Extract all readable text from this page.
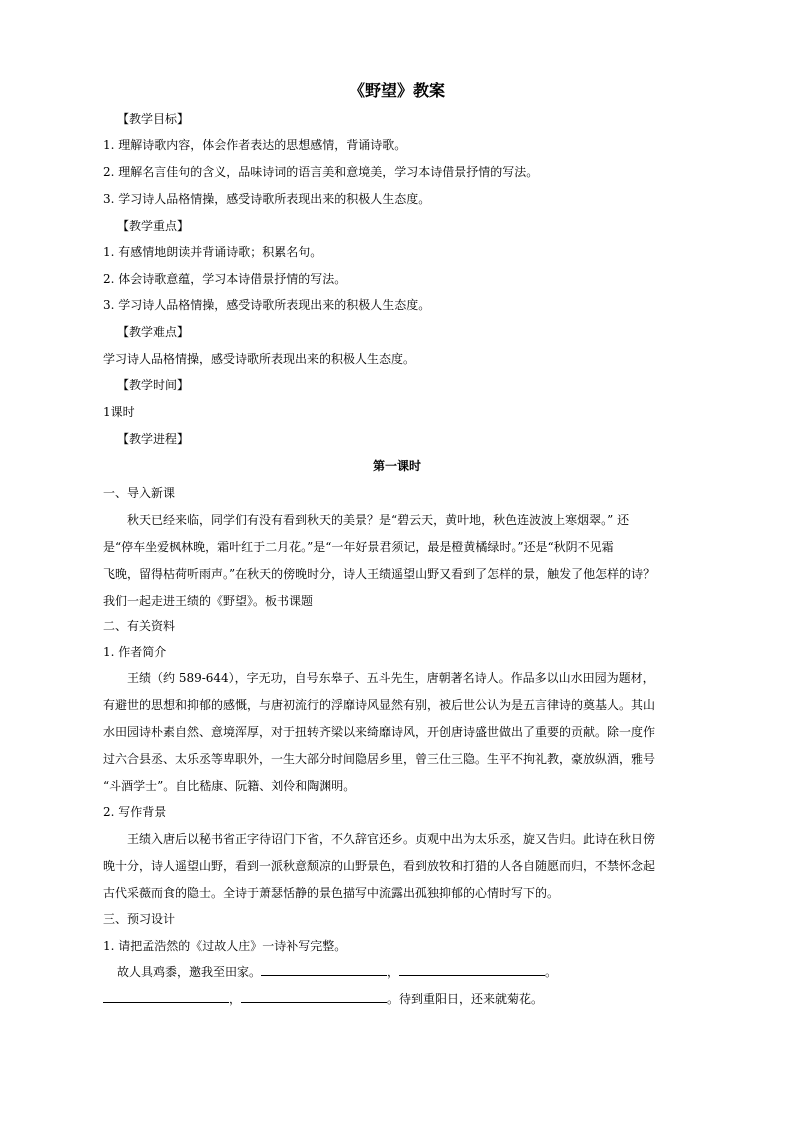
《野望》教案
【教学目标】
1. 理解诗歌内容，体会作者表达的思想感情，背诵诗歌。
2. 理解名言佳句的含义，品味诗词的语言美和意境美，学习本诗借景抒情的写法。
3. 学习诗人品格情操，感受诗歌所表现出来的积极人生态度。
【教学重点】
1. 有感情地朗读并背诵诗歌；积累名句。
2. 体会诗歌意蕴，学习本诗借景抒情的写法。
3. 学习诗人品格情操，感受诗歌所表现出来的积极人生态度。
【教学难点】
学习诗人品格情操，感受诗歌所表现出来的积极人生态度。
【教学时间】
1课时
【教学进程】
第一课时
一、导入新课
秋天已经来临，同学们有没有看到秋天的美景？是“碧云天，黄叶地，秋色连波波上寒烟翠。” 还
是“停车坐爱枫林晚，霜叶红于二月花。”是“一年好景君须记，最是橙黄橘绿时。”还是“秋阴不见霜
飞晚，留得枯荷听雨声。”在秋天的傍晚时分，诗人王绩遥望山野又看到了怎样的景，触发了他怎样的诗？
我们一起走进王绩的《野望》。板书课题
二、有关资料
1. 作者简介
王绩（约 589-644），字无功，自号东皋子、五斗先生，唐朝著名诗人。作品多以山水田园为题材，
有避世的思想和抑郁的感慨，与唐初流行的浮靡诗风显然有别，被后世公认为是五言律诗的奠基人。其山
水田园诗朴素自然、意境浑厚，对于扭转齐梁以来绮靡诗风，开创唐诗盛世做出了重要的贡献。除一度作
过六合县丞、太乐丞等卑职外，一生大部分时间隐居乡里，曾三仕三隐。生平不拘礼教，豪放纵酒，雅号
“斗酒学士”。自比嵇康、阮籍、刘伶和陶渊明。
2. 写作背景
王绩入唐后以秘书省正字待诏门下省，不久辞官还乡。贞观中出为太乐丞，旋又告归。此诗在秋日傍
晚十分，诗人遥望山野，看到一派秋意颓凉的山野景色，看到放牧和打猎的人各自随愿而归，不禁怀念起
古代采薇而食的隐士。全诗于萧瑟恬静的景色描写中流露出孤独抑郁的心情时写下的。
三、预习设计
1. 请把孟浩然的《过故人庄》一诗补写完整。
故人具鸡黍，邀我至田家。	，	。
，	。待到重阳日，还来就菊花。
